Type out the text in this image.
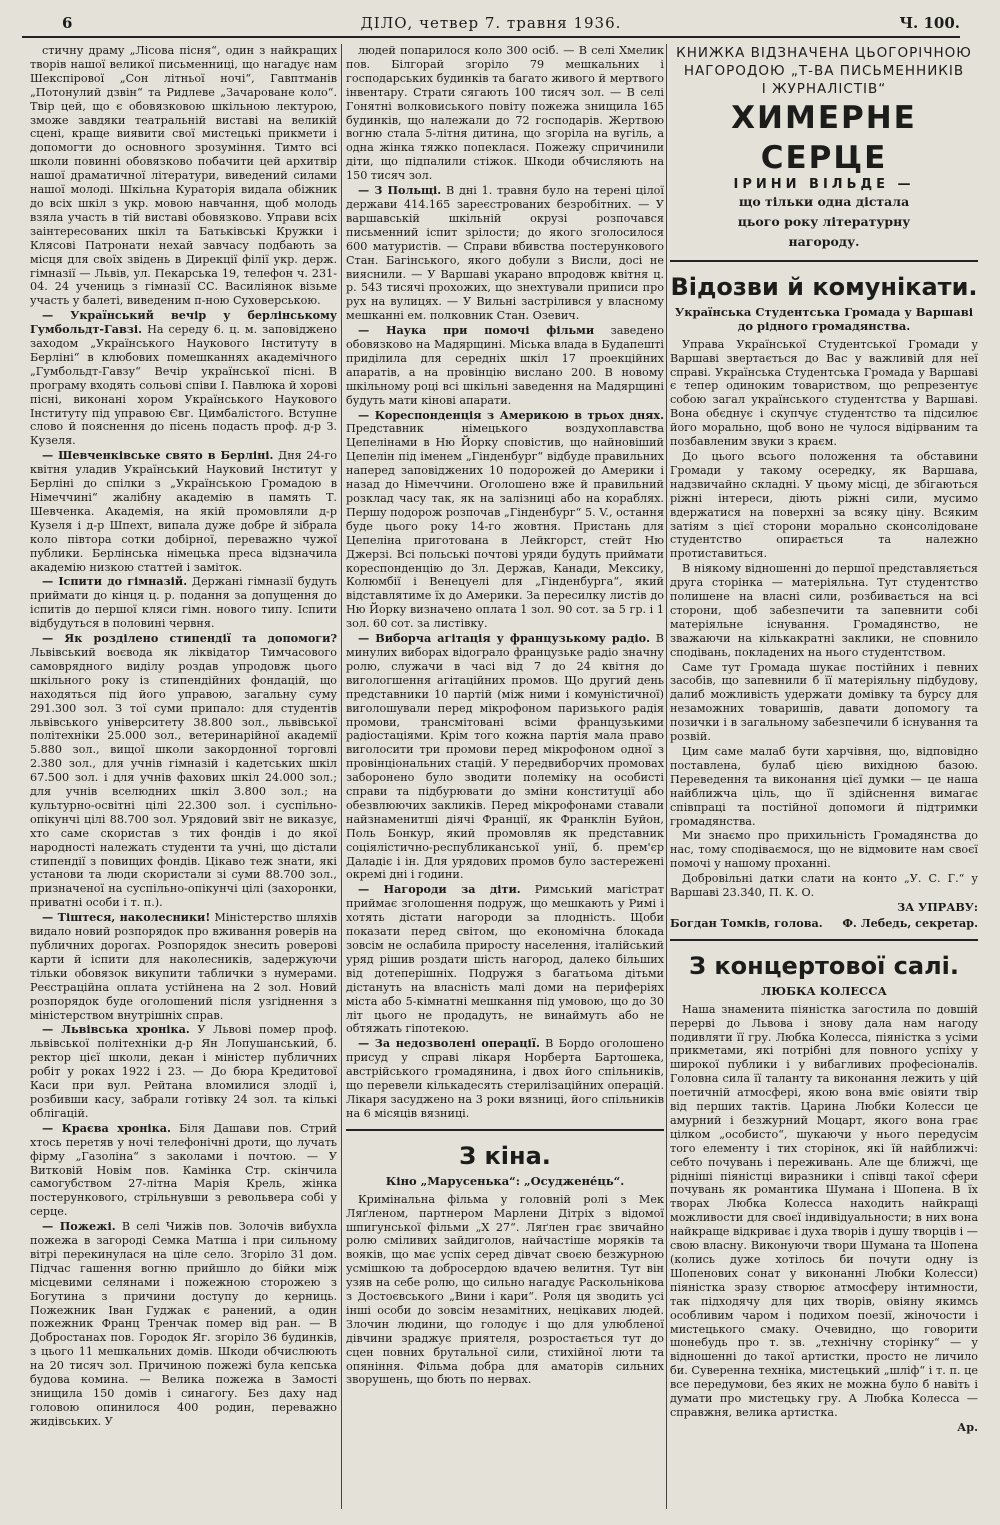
6	ДІЛО, четвер 7. травня 1936.	Ч. 100.

стичну драму „Лісова пісня“, один з найкращих творів нашої великої письменниці, що нагадує нам Шекспірової „Сон літньої ночі“, Гавптманів „Потонулий дзвін“ та Ридлеве „Зачароване коло“. Твір цей, що є обовязковою шкільною лектурою, зможе завдяки театральній виставі на великій сцені, краще виявити свої мистецькі прикмети і допомогти до основного зрозуміння. Тимто всі школи повинні обовязково побачити цей архитвір нашої драматичної літератури, виведений силами нашої молоді. Шкільна Кураторія видала обіжник до всіх шкіл з укр. мовою навчання, щоб молодь взяла участь в тій виставі обовязково. Управи всіх заінтересованих шкіл та Батьківські Кружки і Клясові Патронати нехай завчасу подбають за місця для своїх звідень в Дирекції філії укр. держ. гімназії — Львів, ул. Пекарська 19, телефон ч. 231-04. 24 учениць з гімназії СС. Василіянок візьме участь у балеті, виведеним п-ною Суховерською.

— Український вечір у берлінському Гумбольдт-Гавзі. На середу 6. ц. м. заповіджено заходом „Українського Наукового Інституту в Берліні“ в клюбових помешканнях академічного „Гумбольдт-Гавзу“ Вечір української пісні. В програму входять сольові співи І. Павлюка й хорові пісні, виконані хором Українського Наукового Інституту під управою Євг. Цимбалістого. Вступне слово й пояснення до пісень подасть проф. д-р З. Кузеля.

— Шевченківське свято в Берліні. Дня 24-го квітня уладив Український Науковий Інститут у Берліні до спілки з „Українською Громадою в Німеччині“ жалібну академію в память Т. Шевченка. Академія, на якій промовляли д-р Кузеля і д-р Шпехт, випала дуже добре й зібрала коло півтора сотки добірної, переважно чужої публики. Берлінська німецька преса відзначила академію низкою статтей і заміток.

— Іспити до гімназій. Держані гімназії будуть приймати до кінця ц. р. подання за допущення до іспитів до першої кляси гімн. нового типу. Іспити відбудуться в половині червня.

— Як розділено стипендії та допомоги? Львівський воєвода як ліквідатор Тимчасового самоврядного виділу роздав упродовж цього шкільного року із стипендійних фондацій, що находяться під його управою, загальну суму 291.300 зол. З тої суми припало: для студентів львівського університету 38.800 зол., львівської політехніки 25.000 зол., ветеринарійної академії 5.880 зол., вищої школи закордонної торговлі 2.380 зол., для учнів гімназій і кадетських шкіл 67.500 зол. і для учнів фахових шкіл 24.000 зол.; для учнів вселюдних шкіл 3.800 зол.; на культурно-освітні цілі 22.300 зол. і суспільно-опікунчі цілі 88.700 зол. Урядовий звіт не виказує, хто саме скористав з тих фондів і до якої народності належать студенти та учні, що дістали стипендії з повищих фондів. Цікаво теж знати, які установи та люди скористали зі суми 88.700 зол., призначеної на суспільно-опікунчі цілі (захоронки, приватні особи і т. п.).

— Тіштеся, наколесники! Міністерство шляхів видало новий розпорядок про вживання роверів на публичних дорогах. Розпорядок знесить роверові карти й іспити для наколесників, задержуючи тільки обовязок викупити таблички з нумерами. Реєстраційна оплата устійнена на 2 зол. Новий розпорядок буде оголошений після узгіднення з міністерством внутрішніх справ.

— Львівська хроніка. У Львові помер проф. львівської політехніки д-р Ян Лопушанський, б. ректор цієї школи, декан і міністер публичних робіт у роках 1922 і 23. — До бюра Кредитової Каси при вул. Рейтана вломилися злодії і, розбивши касу, забрали готівку 24 зол. та кількі облігацій.

— Краєва хроніка. Біля Дашави пов. Стрий хтось перетяв у ночі телефонічні дроти, що лучать фірму „Газоліна“ з заколами і почтою. — У Витковій Новім пов. Камінка Стр. скінчила самогубством 27-літна Марія Крель, жінка постерункового, стрільнувши з револьвера собі у серце.

— Пожежі. В селі Чижів пов. Золочів вибухла пожежа в загороді Семка Матша і при сильному вітрі перекинулася на ціле село. Згоріло 31 дом. Підчас гашення вогню прийшло до бійки між місцевими селянами і пожежною сторожею з Богутина з причини доступу до керниць. Пожежник Іван Гуджак є ранений, а один пожежник Франц Тренчак помер від ран. — В Добростанах пов. Городок Яг. згоріло 36 будинків, з цього 11 мешкальних домів. Шкоди обчислюють на 20 тисяч зол. Причиною пожежі була кепська будова комина. — Велика пожежа в Замості знищила 150 домів і синагогу. Без даху над головою опинилося 400 родин, переважно жидівських. У

людей попарилося коло 300 осіб. — В селі Хмелик пов. Білгорай згоріло 79 мешкальних і господарських будинків та багато живого й мертвого інвентару. Страти сягають 100 тисяч зол. — В селі Гонятні волковиського повіту пожежа знищила 165 будинків, що належали до 72 господарів. Жертвою вогню стала 5-літня дитина, що згоріла на вугіль, а одна жінка тяжко попеклася. Пожежу спричинили діти, що підпалили стіжок. Шкоди обчисляють на 150 тисяч зол.

— З Польщі. В дні 1. травня було на терені цілої держави 414.165 зареєстрованих безробітних. — У варшавській шкільній окрузі розпочався письменний іспит зрілости; до якого зголосилося 600 матуристів. — Справи вбивства постерункового Стан. Багінського, якого добули з Висли, досі не вияснили. — У Варшаві укарано впродовж квітня ц. р. 543 тисячі прохожих, що знехтували приписи про рух на вулицях. — У Вильні застрілився у власному мешканні ем. полковник Стан. Озевич.

— Наука при помочі фільми заведено обовязково на Мадярщині. Міська влада в Будапешті приділила для середніх шкіл 17 проекційних апаратів, а на провінцію вислано 200. В новому шкільному році всі шкільні заведення на Мадярщині будуть мати кінові апарати.

— Кореспонденція з Америкою в трьох днях. Представник німецького воздухоплавства Цепелінами в Ню Йорку сповістив, що найновіший Цепелін під іменем „Гінденбург“ відбуде правильних наперед заповіджених 10 подорожей до Америки і назад до Німеччини. Оголошено вже й правильний розклад часу так, як на залізниці або на кораблях. Першу подорож розпочав „Гінденбург“ 5. V., остання буде цього року 14-го жовтня. Пристань для Цепеліна приготована в Лейкгорст, стейт Ню Джерзі. Всі польські почтові уряди будуть приймати кореспонденцію до Зл. Держав, Канади, Мексику, Колюмбії і Венецуелі для „Гінденбурга“, який відставлятиме їх до Америки. За пересилку листів до Ню Йорку визначено оплата 1 зол. 90 сот. за 5 гр. і 1 зол. 60 сот. за листівку.

— Виборча агітація у французькому радіо. В минулих виборах відограло французьке радіо значну ролю, служачи в часі від 7 до 24 квітня до вигологшення агітаційних промов. Що другий день представники 10 партій (між ними і комуністичної) виголошували перед мікрофоном паризького радія промови, трансмітовані всіми французькими радіостаціями. Крім того кожна партія мала право виголосити три промови перед мікрофоном одної з провінціональних стацій. У передвиборчих промовах заборонено було зводити полеміку на особисті справи та підбурювати до зміни конституції або обезвлюючих закликів. Перед мікрофонами ставали найзнаменитші діячі Франції, як Франклін Буйон, Поль Бонкур, який промовляв як представник соціялістично-республиканської унії, б. прем'єр Даладіє і ін. Для урядових промов було застережені окремі дні і години.

— Нагороди за діти. Римський магістрат приймає зголошення подруж, що мешкають у Римі і хотять дістати нагороди за плодність. Щоби показати перед світом, що економічна блокада зовсім не ослабила приросту населення, італійський уряд рішив роздати шість нагород, далеко більших від дотеперішніх. Подружя з багатьома дітьми дістануть на власність малі доми на периферіях міста або 5-кімнатні мешкання під умовою, що до 30 літ цього не продадуть, не винаймуть або не обтяжать гіпотекою.

— За недозволені операції. В Бордо оголошено присуд у справі лікаря Норберта Бартошека, австрійського громадянина, і двох його спільників, що перевели кількадесять стерилізаційних операцій. Лікаря засуджено на 3 роки вязниці, його спільників на 6 місяців вязниці.

З кіна.
Кіно „Марусенька“: „Осуджене́ць“.

Кримінальна фільма у головній ролі з Мек Ляґленом, партнером Марлени Дітріх з відомої шпигунської фільми „Х 27“. Ляґлен грає звичайно ролю сміливих зайдиголов, найчастіше моряків та вояків, що має успіх серед дівчат своєю безжурною усмішкою та добросердою вдачею велитня. Тут він узяв на себе ролю, що сильно нагадує Раскольнікова з Достоєвського „Вини і кари“. Роля ця зводить усі інші особи до зовсім незамітних, нецікавих людей. Злочин людини, що голодує і що для улюбленої дівчини зраджує приятеля, розростається тут до сцен повних брутальної сили, стихійної люти та опяніння. Фільма добра для аматорів сильних зворушень, що бють по нервах.

КНИЖКА ВІДЗНАЧЕНА ЦЬОГОРІЧНОЮ
НАГОРОДОЮ „Т-ВА ПИСЬМЕННИКІВ
І ЖУРНАЛІСТІВ“
ХИМЕРНЕ СЕРЦЕ
ІРИНИ ВІЛЬДЕ —
що тільки одна дістала
цього року літературну
нагороду.
Відозви й комунікати.
Українська Студентська Громада у Варшаві до рідного громадянства.

Управа Української Студентської Громади у Варшаві звертається до Вас у важливій для неї справі. Українська Студентська Громада у Варшаві є тепер одиноким товариством, що репрезентує собою загал українського студентства у Варшаві. Вона обєднує і скупчує студентство та підсилює його морально, щоб воно не чулося відірваним та позбавленим звуки з краєм.

До цього всього положення та обставини Громади у такому осередку, як Варшава, надзвичайно складні. У цьому місці, де збігаються ріжні інтереси, діють ріжні сили, мусимо вдержатися на поверхні за всяку ціну. Всяким затіям з цієї сторони морально сконсолідоване студентство опирається та належно протиставиться.

В ніякому відношенні до першої представляється друга сторінка — матеріяльна. Тут студентство полишене на власні сили, розбивається на всі сторони, щоб забезпечити та запевнити собі матеріяльне існування. Громадянство, не зважаючи на кількакратні заклики, не сповнило сподівань, покладених на нього студентством.

Саме тут Громада шукає постійних і певних засобів, що запевнили б її матеріяльну підбудову, далиб можливість удержати домівку та бурсу для незаможних товаришів, давати допомогу та позички і в загальному забезпечили б існування та розвій.

Цим саме малаб бути харчівня, що, відповідно поставлена, булаб цією вихідною базою. Переведення та виконання цієї думки — це наша найближча ціль, що її здійснення вимагає співпраці та постійної допомоги й підтримки громадянства.

Ми знаємо про прихильність Громадянства до нас, тому сподіваємося, що не відмовите нам своєї помочі у нашому проханні.

Добровільні датки слати на конто „У. С. Г.“ у Варшаві 23.340, П. К. О.

ЗА УПРАВУ:
Богдан Томків, голова. Ф. Лебедь, секретар.
З концертової салі.
ЛЮБКА КОЛЕССА

Наша знаменита піяністка загостила по довшій перерві до Львова і знову дала нам нагоду подивляти її гру. Любка Колесса, піяністка з усіми прикметами, які потрібні для повного успіху у широкої публики і у вибагливих професіоналів. Головна сила її таланту та виконання лежить у цій поетичній атмосфері, якою вона вміє овіяти твір від перших тактів. Царина Любки Колесси це амурний і безжурний Моцарт, якого вона грає цілком „особисто“, шукаючи у нього передусім того елементу і тих сторінок, які їй найближчі: себто почувань і переживань. Але ще ближчі, ще рідніші піяністці виразники і співці такої сфери почувань як романтика Шумана і Шопена. В їх творах Любка Колесса находить найкращі можливости для своєї індивідуальности; в них вона найкраще відкриває і духа творів і душу творців і — свою власну. Виконуючи твори Шумана та Шопена (колись дуже хотілось би почути одну із Шопенових сонат у виконанні Любки Колесси) піяністка зразу створює атмосферу інтимности, так підходячу для цих творів, овіяну якимсь особливим чаром і подихом поезії, жіночости і мистецького смаку. Очевидно, що говорити шонебудь про т. зв. „технічну сторінку“ — у відношенні до такої артистки, просто не личило би. Суверенна техніка, мистецький „шліф“ і т. п. це все передумови, без яких не можна було б навіть і думати про мистецьку гру. А Любка Колесса — справжня, велика артистка.

Ар.
